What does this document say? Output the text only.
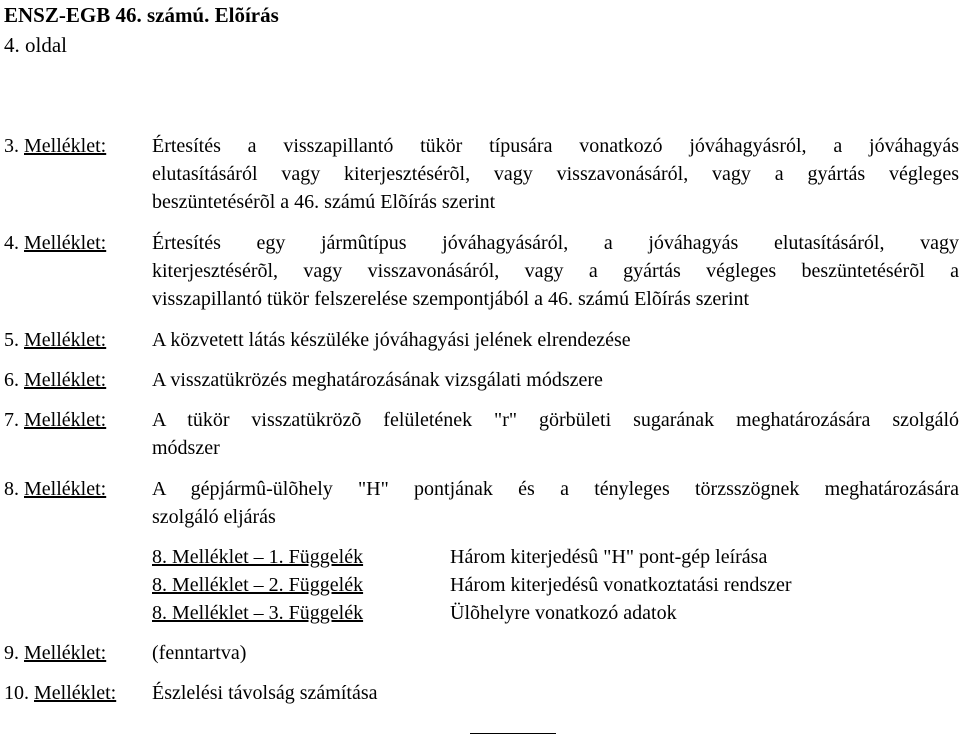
ENSZ-EGB 46. számú. Elõírás
4. oldal
3. Melléklet: Értesítés a visszapillantó tükör típusára vonatkozó jóváhagyásról, a jóváhagyás
elutasításáról vagy kiterjesztésérõl, vagy visszavonásáról, vagy a gyártás végleges
beszüntetésérõl a 46. számú Elõírás szerint
4. Melléklet: Értesítés egy jármûtípus jóváhagyásáról, a jóváhagyás elutasításáról, vagy
kiterjesztésérõl, vagy visszavonásáról, vagy a gyártás végleges beszüntetésérõl a
visszapillantó tükör felszerelése szempontjából a 46. számú Elõírás szerint
5. Melléklet: A közvetett látás készüléke jóváhagyási jelének elrendezése
6. Melléklet: A visszatükrözés meghatározásának vizsgálati módszere
7. Melléklet: A tükör visszatükrözõ felületének "r" görbületi sugarának meghatározására szolgáló
módszer
8. Melléklet: A gépjármû-ülõhely "H" pontjának és a tényleges törzsszögnek meghatározására
szolgáló eljárás
8. Melléklet – 1. Függelék	Három kiterjedésû "H" pont-gép leírása
8. Melléklet – 2. Függelék	Három kiterjedésû vonatkoztatási rendszer
8. Melléklet – 3. Függelék	Ülõhelyre vonatkozó adatok
9. Melléklet: (fenntartva)
10. Melléklet: Észlelési távolság számítása
